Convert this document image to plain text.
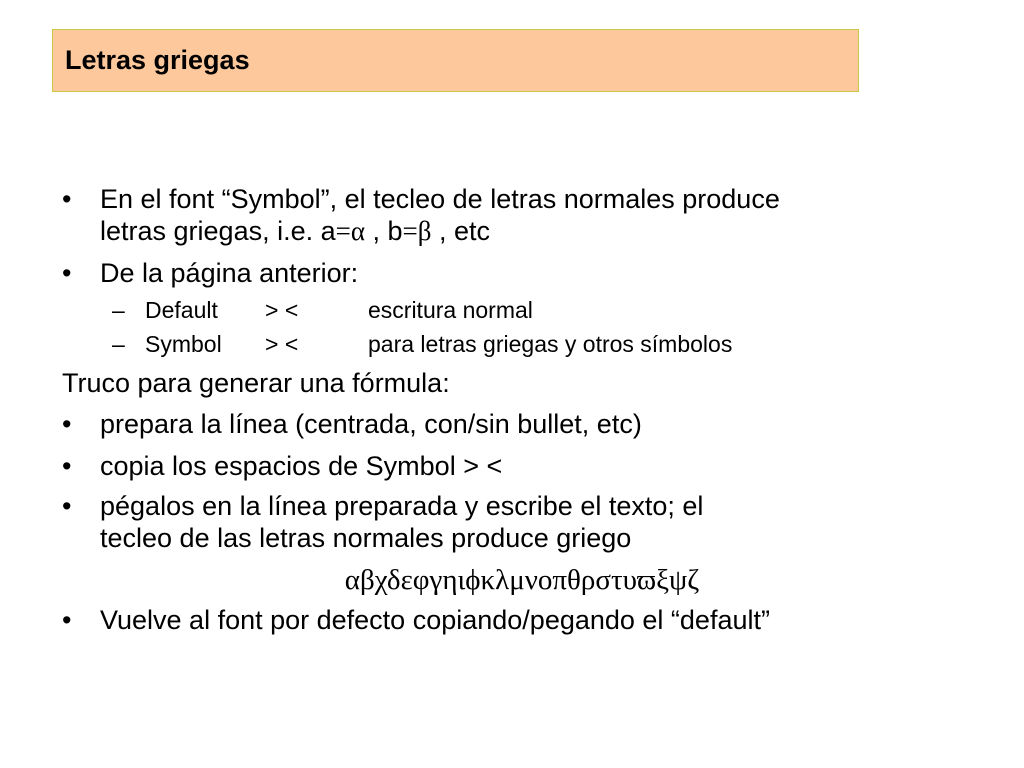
Letras griegas
• En el font “Symbol”, el tecleo de letras normales produce
letras griegas, i.e. a=α , b=β , etc
• De la página anterior:
– Default > <	escritura normal
– Symbol > <	para letras griegas y otros símbolos
Truco para generar una fórmula:
• prepara la línea (centrada, con/sin bullet, etc)
• copia los espacios de Symbol > <
• pégalos en la línea preparada y escribe el texto; el
tecleo de las letras normales produce griego
αβχδεφγηιϕκλμνοπθρστυϖξψζ
• Vuelve al font por defecto copiando/pegando el “default”
